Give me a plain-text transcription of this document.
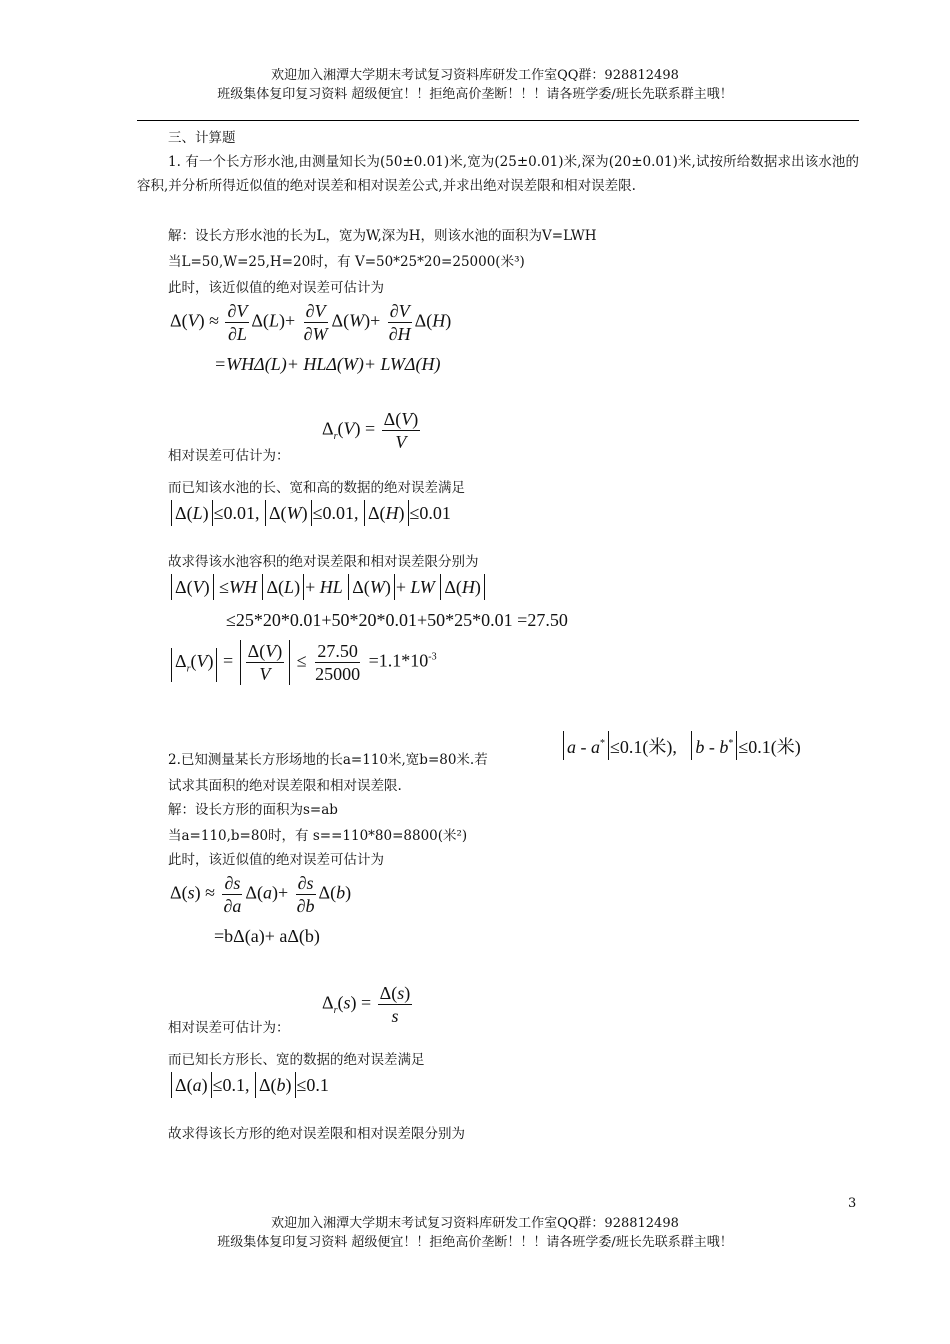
欢迎加入湘潭大学期末考试复习资料库研发工作室QQ群：928812498
班级集体复印复习资料 超级便宜！！拒绝高价垄断！！！请各班学委/班长先联系群主哦！
三、计算题
1. 有一个长方形水池,由测量知长为(50±0.01)米,宽为(25±0.01)米,深为(20±0.01)米,试按所给数据求出该水池的容积,并分析所得近似值的绝对误差和相对误差公式,并求出绝对误差限和相对误差限.
解：设长方形水池的长为L，宽为W,深为H，则该水池的面积为V=LWH
当L=50,W=25,H=20时，有 V=50*25*20=25000(米³)
此时，该近似值的绝对误差可估计为
$\Delta(V) \approx \frac{\partial V}{\partial L} \Delta(L)+ \frac{\partial V}{\partial W} \Delta(W)+ \frac{\partial V}{\partial H} \Delta(H)$
=WHΔ(L)+ HLΔ(W)+ LWΔ(H)
$\Delta_r(V) = \frac{\Delta(V)}{V}$
相对误差可估计为：
而已知该水池的长、宽和高的数据的绝对误差满足
Δ(L) ≤0.01, Δ(W) ≤0.01, Δ(H) ≤0.01
故求得该水池容积的绝对误差限和相对误差限分别为
Δ(V) ≤WH Δ(L) + HL Δ(W) + LW Δ(H)
≤25*20*0.01+50*20*0.01+50*25*0.01 =27.50
$\Delta_r(V) = \frac{\Delta(V)}{V} \le \frac{27.50}{25000} =1.1*10^{-3}$
2.已知测量某长方形场地的长a=110米,宽b=80米.若
a - a* ≤0.1(米), b - b* ≤0.1(米)
试求其面积的绝对误差限和相对误差限.
解：设长方形的面积为s=ab
当a=110,b=80时，有 s==110*80=8800(米²)
此时，该近似值的绝对误差可估计为
$\Delta(s) \approx \frac{\partial s}{\partial a} \Delta(a)+ \frac{\partial s}{\partial b} \Delta(b)$
=bΔ(a)+ aΔ(b)
$\Delta_r(s) = \frac{\Delta(s)}{s}$
相对误差可估计为：
而已知长方形长、宽的数据的绝对误差满足
Δ(a) ≤0.1, Δ(b) ≤0.1
故求得该长方形的绝对误差限和相对误差限分别为
3
欢迎加入湘潭大学期末考试复习资料库研发工作室QQ群：928812498
班级集体复印复习资料 超级便宜！！拒绝高价垄断！！！请各班学委/班长先联系群主哦！
